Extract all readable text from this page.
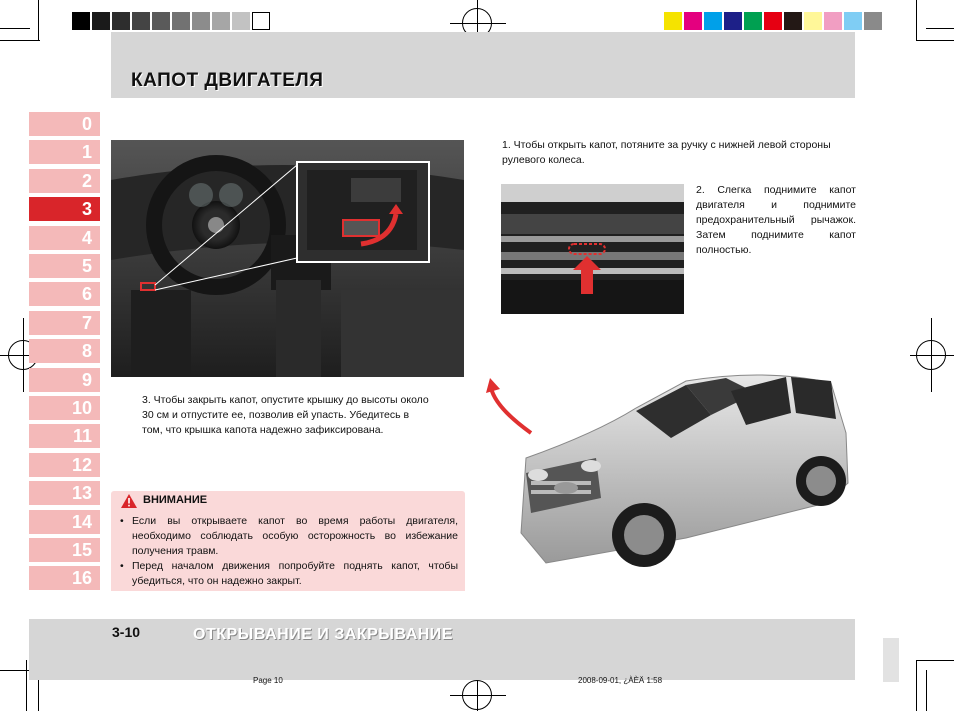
КАПОТ ДВИГАТЕЛЯ
0
1
2
3
4
5
6
7
8
9
10
11
12
13
14
15
16
1. Чтобы открыть капот, потяните за ручку с нижней левой стороны рулевого колеса.
2. Слегка поднимите капот двигателя и поднимите предохранительный рычажок. Затем поднимите капот полностью.
3. Чтобы закрыть капот, опустите крышку до высоты около 30 см и отпустите ее, позволив ей упасть. Убедитесь в том, что крышка капота надежно зафиксирована.
ВНИМАНИЕ
• Если вы открываете капот во время работы двигателя, необходимо соблюдать особую осторожность во избежание получения травм.
• Перед началом движения попробуйте поднять капот, чтобы убедиться, что он надежно закрыт.
3-10	ОТКРЫВАНИЕ И ЗАКРЫВАНИЕ
Page 10	2008-09-01, ¿ÀÈÄ 1:58
